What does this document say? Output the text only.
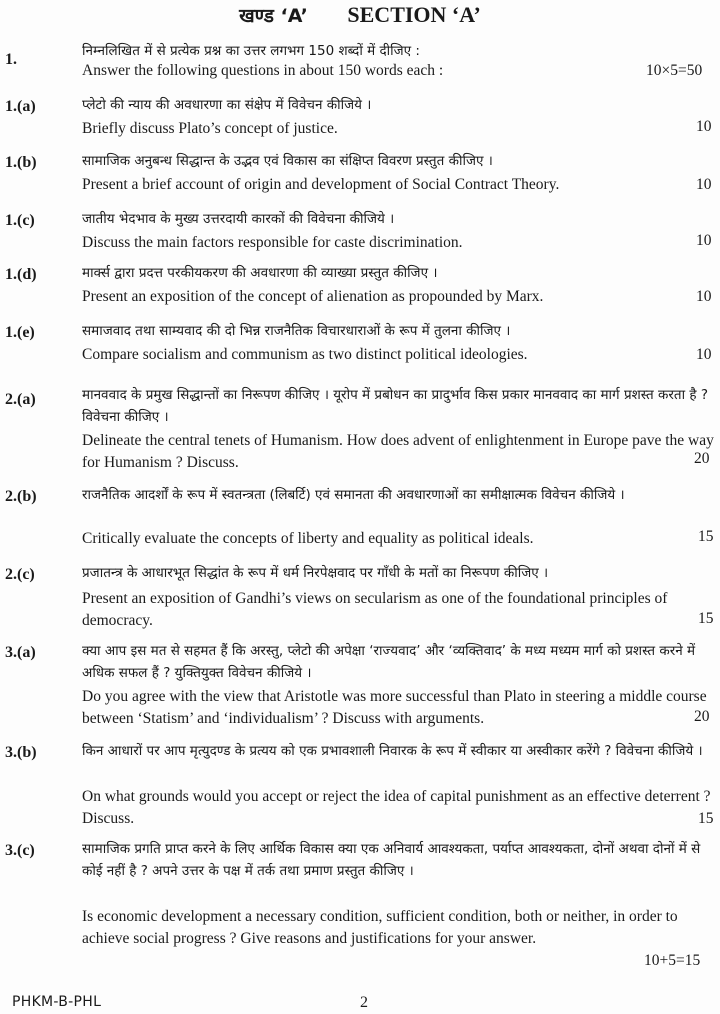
खण्ड ‘A’ SECTION ‘A’
1.	निम्नलिखित में से प्रत्येक प्रश्न का उत्तर लगभग 150 शब्दों में दीजिए :
Answer the following questions in about 150 words each :	10×5=50
1.(a)	प्लेटो की न्याय की अवधारणा का संक्षेप में विवेचन कीजिये ।
Briefly discuss Plato’s concept of justice.	10
1.(b)	सामाजिक अनुबन्ध सिद्धान्त के उद्भव एवं विकास का संक्षिप्त विवरण प्रस्तुत कीजिए ।
Present a brief account of origin and development of Social Contract Theory.	10
1.(c)	जातीय भेदभाव के मुख्य उत्तरदायी कारकों की विवेचना कीजिये ।
Discuss the main factors responsible for caste discrimination.	10
1.(d)	मार्क्स द्वारा प्रदत्त परकीयकरण की अवधारणा की व्याख्या प्रस्तुत कीजिए ।
Present an exposition of the concept of alienation as propounded by Marx.	10
1.(e)	समाजवाद तथा साम्यवाद की दो भिन्न राजनैतिक विचारधाराओं के रूप में तुलना कीजिए ।
Compare socialism and communism as two distinct political ideologies.	10
2.(a)	मानववाद के प्रमुख सिद्धान्तों का निरूपण कीजिए । यूरोप में प्रबोधन का प्रादुर्भाव किस प्रकार मानववाद का मार्ग प्रशस्त करता है ? विवेचना कीजिए ।
Delineate the central tenets of Humanism. How does advent of enlightenment in Europe pave the way for Humanism ? Discuss.	20
2.(b)	राजनैतिक आदर्शों के रूप में स्वतन्त्रता (लिबर्टि) एवं समानता की अवधारणाओं का समीक्षात्मक विवेचन कीजिये ।
Critically evaluate the concepts of liberty and equality as political ideals.	15
2.(c)	प्रजातन्त्र के आधारभूत सिद्धांत के रूप में धर्म निरपेक्षवाद पर गाँधी के मतों का निरूपण कीजिए ।
Present an exposition of Gandhi’s views on secularism as one of the foundational principles of democracy.	15
3.(a)	क्या आप इस मत से सहमत हैं कि अरस्तु, प्लेटो की अपेक्षा ‘राज्यवाद’ और ‘व्यक्तिवाद’ के मध्य मध्यम मार्ग को प्रशस्त करने में अधिक सफल हैं ? युक्तियुक्त विवेचन कीजिये ।
Do you agree with the view that Aristotle was more successful than Plato in steering a middle course between ‘Statism’ and ‘individualism’ ? Discuss with arguments.	20
3.(b)	किन आधारों पर आप मृत्युदण्ड के प्रत्यय को एक प्रभावशाली निवारक के रूप में स्वीकार या अस्वीकार करेंगे ? विवेचना कीजिये ।
On what grounds would you accept or reject the idea of capital punishment as an effective deterrent ? Discuss.	15
3.(c)	सामाजिक प्रगति प्राप्त करने के लिए आर्थिक विकास क्या एक अनिवार्य आवश्यकता, पर्याप्त आवश्यकता, दोनों अथवा दोनों में से कोई नहीं है ? अपने उत्तर के पक्ष में तर्क तथा प्रमाण प्रस्तुत कीजिए ।
Is economic development a necessary condition, sufficient condition, both or neither, in order to achieve social progress ? Give reasons and justifications for your answer.
10+5=15
PHKM-B-PHL	2
